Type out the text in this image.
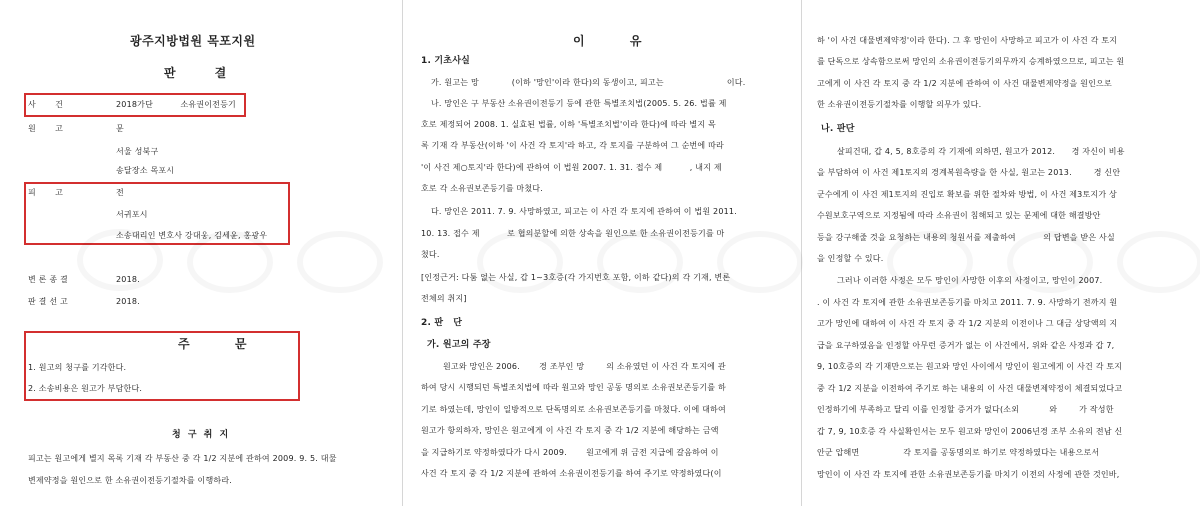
광주지방법원 목포지원
판      결
사       건	2018가단          소유권이전등기
원       고	문
서울 성북구
송달장소 목포시
피       고	전
서귀포시
소송대리인 변호사 강대웅, 김세윤, 홍광우
변 론 종 결	2018.
판 결 선 고	2018.
주       문
1. 원고의 청구를 기각한다.
2. 소송비용은 원고가 부담한다.
청 구 취 지
피고는 원고에게 별지 목록 기재 각 부동산 중 각 1/2 지분에 관하여 2009. 9. 5. 대물
변제약정을 원인으로 한 소유권이전등기절차를 이행하라.
이       유
1. 기초사실
가. 원고는 망            (이하 '망인'이라 한다)의 동생이고, 피고는                       이다.
나. 망인은 구 부동산 소유권이전등기 등에 관한 특별조치법(2005. 5. 26. 법률 제
호로 제정되어 2008. 1. 실효된 법률, 이하 '특별조치법'이라 한다)에 따라 별지 목
록 기재 각 부동산(이하 '이 사건 각 토지'라 하고, 각 토지를 구분하여 그 순번에 따라
'이 사건 제○토지'라 한다)에 관하여 이 법원 2007. 1. 31. 접수 제          , 내지 제
호로 각 소유권보존등기를 마쳤다.
다. 망인은 2011. 7. 9. 사망하였고, 피고는 이 사건 각 토지에 관하여 이 법원 2011.
10. 13. 접수 제          로 협의분할에 의한 상속을 원인으로 한 소유권이전등기를 마
쳤다.
[인정근거: 다툼 없는 사실, 갑 1~3호증(각 가지번호 포함, 이하 같다)의 각 기재, 변론
전체의 취지]
2. 판   단
가. 원고의 주장
원고와 망인은 2006.       경 조부인 망        의 소유였던 이 사건 각 토지에 관
하여 당시 시행되던 특별조치법에 따라 원고와 망인 공동 명의로 소유권보존등기를 하
기로 하였는데, 망인이 일방적으로 단독명의로 소유권보존등기를 마쳤다. 이에 대하여
원고가 항의하자, 망인은 원고에게 이 사건 각 토지 중 각 1/2 지분에 해당하는 금액
을 지급하기로 약정하였다가 다시 2009.       원고에게 위 금전 지급에 갈음하여 이
사건 각 토지 중 각 1/2 지분에 관하여 소유권이전등기를 하여 주기로 약정하였다(이
하 '이 사건 대물변제약정'이라 한다). 그 후 망인이 사망하고 피고가 이 사건 각 토지
를 단독으로 상속함으로써 망인의 소유권이전등기의무까지 승계하였으므로, 피고는 원
고에게 이 사건 각 토지 중 각 1/2 지분에 관하여 이 사건 대물변제약정을 원인으로
한 소유권이전등기절차를 이행할 의무가 있다.
나. 판단
살피건대, 갑 4, 5, 8호증의 각 기재에 의하면, 원고가 2012.      경 자신이 비용
을 부담하여 이 사건 제1토지의 경계복원측량을 한 사실, 원고는 2013.        경 신안
군수에게 이 사건 제1토지의 진입로 확보를 위한 절차와 방법, 이 사건 제3토지가 상
수원보호구역으로 지정됨에 따라 소유권이 침해되고 있는 문제에 대한 해결방안
등을 강구해줄 것을 요청하는 내용의 청원서를 제출하여          의 답변을 받은 사실
을 인정할 수 있다.
그러나 이러한 사정은 모두 망인이 사망한 이후의 사정이고, 망인이 2007.
. 이 사건 각 토지에 관한 소유권보존등기를 마치고 2011. 7. 9. 사망하기 전까지 원
고가 망인에 대하여 이 사건 각 토지 중 각 1/2 지분의 이전이나 그 대금 상당액의 지
급을 요구하였음을 인정할 아무런 증거가 없는 이 사건에서, 위와 같은 사정과 갑 7,
9, 10호증의 각 기재만으로는 원고와 망인 사이에서 망인이 원고에게 이 사건 각 토지
중 각 1/2 지분을 이전하여 주기로 하는 내용의 이 사건 대물변제약정이 체결되었다고
인정하기에 부족하고 달리 이를 인정할 증거가 없다(소외           와        가 작성한
갑 7, 9, 10호증 각 사실확인서는 모두 원고와 망인이 2006년경 조부 소유의 전남 신
안군 압해면                각 토지를 공동명의로 하기로 약정하였다는 내용으로서
망인이 이 사건 각 토지에 관한 소유권보존등기를 마치기 이전의 사정에 관한 것인바,
